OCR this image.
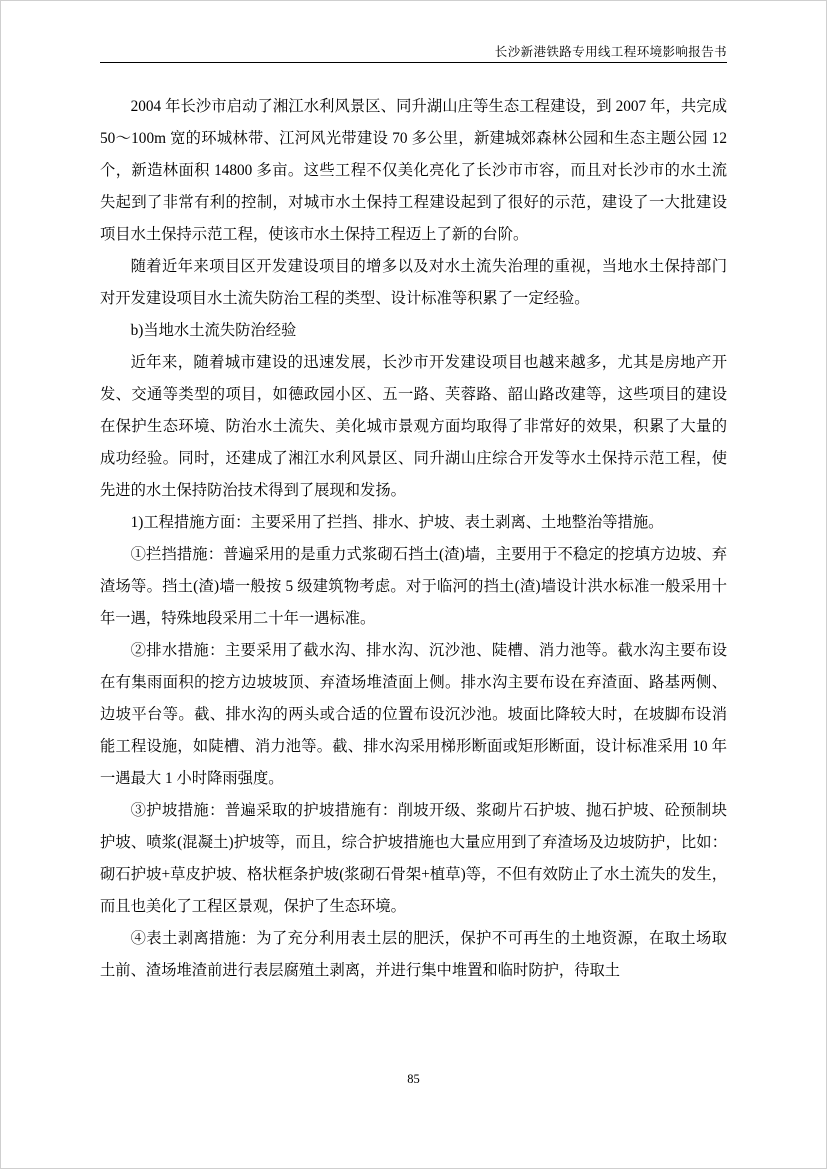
长沙新港铁路专用线工程环境影响报告书

2004 年长沙市启动了湘江水利风景区、同升湖山庄等生态工程建设，到 2007 年，共完成 50～100m 宽的环城林带、江河风光带建设 70 多公里，新建城郊森林公园和生态主题公园 12 个，新造林面积 14800 多亩。这些工程不仅美化亮化了长沙市市容，而且对长沙市的水土流失起到了非常有利的控制，对城市水土保持工程建设起到了很好的示范，建设了一大批建设项目水土保持示范工程，使该市水土保持工程迈上了新的台阶。

随着近年来项目区开发建设项目的增多以及对水土流失治理的重视，当地水土保持部门对开发建设项目水土流失防治工程的类型、设计标准等积累了一定经验。

b)当地水土流失防治经验

近年来，随着城市建设的迅速发展，长沙市开发建设项目也越来越多，尤其是房地产开发、交通等类型的项目，如德政园小区、五一路、芙蓉路、韶山路改建等，这些项目的建设在保护生态环境、防治水土流失、美化城市景观方面均取得了非常好的效果，积累了大量的成功经验。同时，还建成了湘江水利风景区、同升湖山庄综合开发等水土保持示范工程，使先进的水土保持防治技术得到了展现和发扬。

1)工程措施方面：主要采用了拦挡、排水、护坡、表土剥离、土地整治等措施。

①拦挡措施：普遍采用的是重力式浆砌石挡土(渣)墙，主要用于不稳定的挖填方边坡、弃渣场等。挡土(渣)墙一般按 5 级建筑物考虑。对于临河的挡土(渣)墙设计洪水标准一般采用十年一遇，特殊地段采用二十年一遇标准。

②排水措施：主要采用了截水沟、排水沟、沉沙池、陡槽、消力池等。截水沟主要布设在有集雨面积的挖方边坡坡顶、弃渣场堆渣面上侧。排水沟主要布设在弃渣面、路基两侧、边坡平台等。截、排水沟的两头或合适的位置布设沉沙池。坡面比降较大时，在坡脚布设消能工程设施，如陡槽、消力池等。截、排水沟采用梯形断面或矩形断面，设计标准采用 10 年一遇最大 1 小时降雨强度。

③护坡措施：普遍采取的护坡措施有：削坡开级、浆砌片石护坡、抛石护坡、砼预制块护坡、喷浆(混凝土)护坡等，而且，综合护坡措施也大量应用到了弃渣场及边坡防护，比如：砌石护坡+草皮护坡、格状框条护坡(浆砌石骨架+植草)等，不但有效防止了水土流失的发生，而且也美化了工程区景观，保护了生态环境。

④表土剥离措施：为了充分利用表土层的肥沃，保护不可再生的土地资源，在取土场取土前、渣场堆渣前进行表层腐殖土剥离，并进行集中堆置和临时防护，待取土

85
